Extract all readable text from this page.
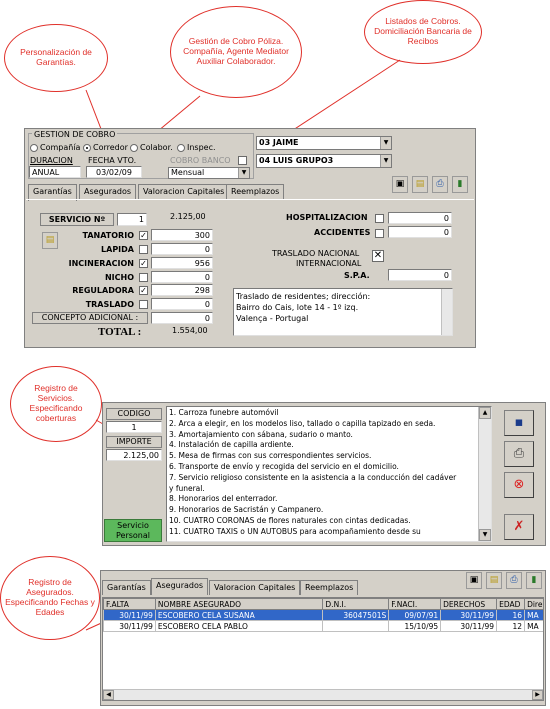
Personalización de Garantías.
Gestión de Cobro Póliza. Compañía, Agente Mediator Auxiliar Colaborador.
Listados de Cobros. Domiciliación Bancaria de Recibos
Registro de Servicios. Especificando coberturas
Registro de Asegurados. Especificando Fechas y Edades
GESTION DE COBRO
Compañía Corredor Colabor. Inspec.
DURACION
ANUAL
FECHA VTO.
03/02/09
COBRO BANCO
Mensual	▼
03 JAIME	▼
04 LUIS GRUPO3	▼
Garantías	Asegurados	Valoracion Capitales Reemplazos
▣	▤	⎙	▮
SERVICIO Nº	1	2.125,00
▤	TANATORIO ✓	300
LAPIDA	0
INCINERACION ✓	956
NICHO	0
REGULADORA ✓	298
TRASLADO	0
CONCEPTO ADICIONAL :	0
TOTAL :	1.554,00
HOSPITALIZACION	0
ACCIDENTES	0
TRASLADO NACIONAL
INTERNACIONAL
✕
S.P.A.	0
Traslado de residentes; dirección:
Bairro do Cais, lote 14 - 1º izq.
Valença - Portugal
CODIGO
1
IMPORTE
2.125,00
Servicio Personal
1. Carroza funebre automóvil
2. Arca a elegir, en los modelos liso, tallado o capilla tapizado en seda.
3. Amortajamiento con sábana, sudario o manto.
4. Instalación de capilla ardiente.
5. Mesa de firmas con sus correspondientes servicios.
6. Transporte de envío y recogida del servicio en el domicilio.
7. Servicio religioso consistente en la asistencia a la conducción del cadáver
y funeral.
8. Honorarios del enterrador.
9. Honorarios de Sacristán y Campanero.
10. CUATRO CORONAS de flores naturales con cintas dedicadas.
11. CUATRO TAXIS o UN AUTOBUS para acompañamiento desde su
▲
▼
▪
⎙
⊗
✗
Garantías	Asegurados	Valoracion Capitales	Reemplazos
▣	▤	⎙	▮
F.ALTA	NOMBRE ASEGURADO	D.N.I.	F.NACI.	DERECHOS	EDAD	Dire
30/11/99	ESCOBERO CELA SUSANA	36047501S	09/07/91	30/11/99	16	MA
30/11/99	ESCOBERO CELA PABLO		15/10/95	30/11/99	12	MA
◀	▶
